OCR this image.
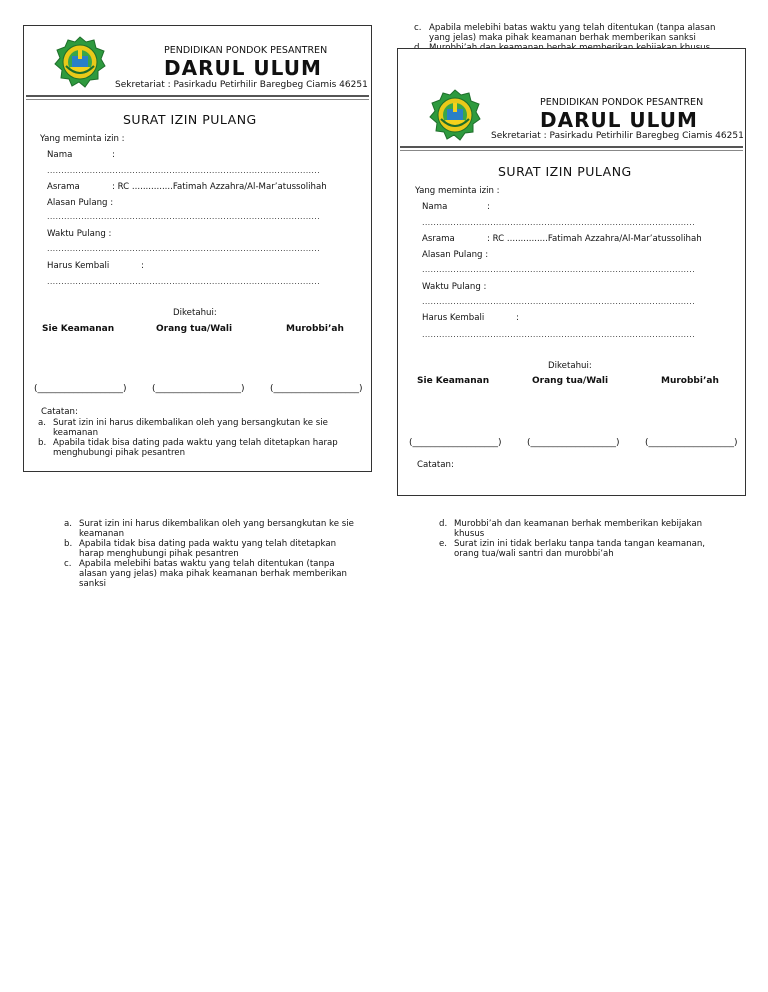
PENDIDIKAN PONDOK PESANTREN
DARUL ULUM
Sekretariat : Pasirkadu Petirhilir Baregbeg Ciamis 46251
SURAT IZIN PULANG
Yang meminta izin :
Nama	:
................................................................................................
Asrama	: RC ...............Fatimah Azzahra/Al-Mar’atussolihah
Alasan Pulang :
................................................................................................
Waktu Pulang :
................................................................................................
Harus Kembali	:
................................................................................................
Diketahui:
Sie Keamanan	Orang tua/Wali	Murobbi’ah
(___________________)	(___________________)	(___________________)
Catatan:
a. Surat izin ini harus dikembalikan oleh yang bersangkutan ke sie keamanan
b. Apabila tidak bisa dating pada waktu yang telah ditetapkan harap menghubungi pihak pesantren
c. Apabila melebihi batas waktu yang telah ditentukan (tanpa alasan yang jelas) maka pihak keamanan berhak memberikan sanksi
PENDIDIKAN PONDOK PESANTREN
DARUL ULUM
Sekretariat : Pasirkadu Petirhilir Baregbeg Ciamis 46251
SURAT IZIN PULANG
Yang meminta izin :
Nama	:
................................................................................................
Asrama	: RC ...............Fatimah Azzahra/Al-Mar’atussolihah
Alasan Pulang :
................................................................................................
Waktu Pulang :
................................................................................................
Harus Kembali	:
................................................................................................
Diketahui:
Sie Keamanan	Orang tua/Wali	Murobbi’ah
(___________________)	(___________________)	(___________________)
Catatan:
a. Surat izin ini harus dikembalikan oleh yang bersangkutan ke sie keamanan
b. Apabila tidak bisa dating pada waktu yang telah ditetapkan harap menghubungi pihak pesantren
c. Apabila melebihi batas waktu yang telah ditentukan (tanpa alasan yang jelas) maka pihak keamanan berhak memberikan sanksi
d. Murobbi’ah dan keamanan berhak memberikan kebijakan khusus
e. Surat izin ini tidak berlaku tanpa tanda tangan keamanan, orang tua/wali santri dan murobbi’ah
